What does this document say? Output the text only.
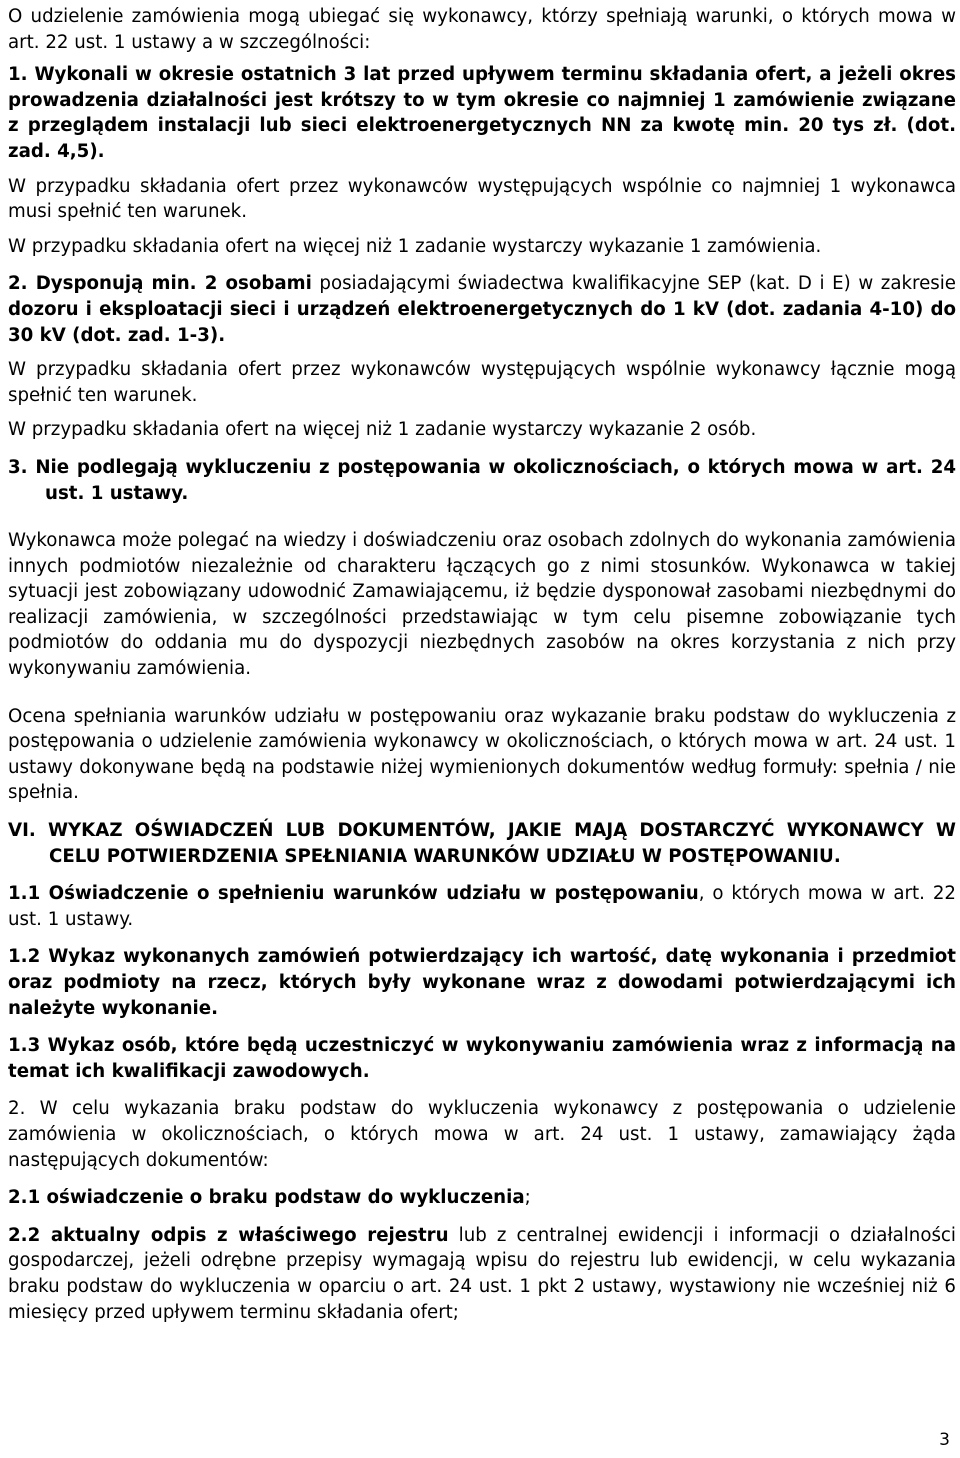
O udzielenie zamówienia mogą ubiegać się wykonawcy, którzy spełniają warunki, o których mowa w art. 22 ust. 1 ustawy a w szczególności:

1. Wykonali w okresie ostatnich 3 lat przed upływem terminu składania ofert, a jeżeli okres prowadzenia działalności jest krótszy to w tym okresie co najmniej 1 zamówienie związane z przeglądem instalacji lub sieci elektroenergetycznych NN za kwotę min. 20 tys zł. (dot. zad. 4,5).

W przypadku składania ofert przez wykonawców występujących wspólnie co najmniej 1 wykonawca musi spełnić ten warunek.

W przypadku składania ofert na więcej niż 1 zadanie wystarczy wykazanie 1 zamówienia.

2. Dysponują min. 2 osobami posiadającymi świadectwa kwalifikacyjne SEP (kat. D i E) w zakresie dozoru i eksploatacji sieci i urządzeń elektroenergetycznych do 1 kV (dot. zadania 4-10) do 30 kV (dot. zad. 1-3).

W przypadku składania ofert przez wykonawców występujących wspólnie wykonawcy łącznie mogą spełnić ten warunek.

W przypadku składania ofert na więcej niż 1 zadanie wystarczy wykazanie 2 osób.

3. Nie podlegają wykluczeniu z postępowania w okolicznościach, o których mowa w art. 24 ust. 1 ustawy.

Wykonawca może polegać na wiedzy i doświadczeniu oraz osobach zdolnych do wykonania zamówienia innych podmiotów niezależnie od charakteru łączących go z nimi stosunków. Wykonawca w takiej sytuacji jest zobowiązany udowodnić Zamawiającemu, iż będzie dysponował zasobami niezbędnymi do realizacji zamówienia, w szczególności przedstawiając w tym celu pisemne zobowiązanie tych podmiotów do oddania mu do dyspozycji niezbędnych zasobów na okres korzystania z nich przy wykonywaniu zamówienia.

Ocena spełniania warunków udziału w postępowaniu oraz wykazanie braku podstaw do wykluczenia z postępowania o udzielenie zamówienia wykonawcy w okolicznościach, o których mowa w art. 24 ust. 1 ustawy dokonywane będą na podstawie niżej wymienionych dokumentów według formuły: spełnia / nie spełnia.

VI. WYKAZ OŚWIADCZEŃ LUB DOKUMENTÓW, JAKIE MAJĄ DOSTARCZYĆ WYKONAWCY W CELU POTWIERDZENIA SPEŁNIANIA WARUNKÓW UDZIAŁU W POSTĘPOWANIU.

1.1 Oświadczenie o spełnieniu warunków udziału w postępowaniu, o których mowa w art. 22 ust. 1 ustawy.

1.2 Wykaz wykonanych zamówień potwierdzający ich wartość, datę wykonania i przedmiot oraz podmioty na rzecz, których były wykonane wraz z dowodami potwierdzającymi ich należyte wykonanie.

1.3 Wykaz osób, które będą uczestniczyć w wykonywaniu zamówienia wraz z informacją na temat ich kwalifikacji zawodowych.

2. W celu wykazania braku podstaw do wykluczenia wykonawcy z postępowania o udzielenie zamówienia w okolicznościach, o których mowa w art. 24 ust. 1 ustawy, zamawiający żąda następujących dokumentów:

2.1 oświadczenie o braku podstaw do wykluczenia;

2.2 aktualny odpis z właściwego rejestru lub z centralnej ewidencji i informacji o działalności gospodarczej, jeżeli odrębne przepisy wymagają wpisu do rejestru lub ewidencji, w celu wykazania braku podstaw do wykluczenia w oparciu o art. 24 ust. 1 pkt 2 ustawy, wystawiony nie wcześniej niż 6 miesięcy przed upływem terminu składania ofert;

3
